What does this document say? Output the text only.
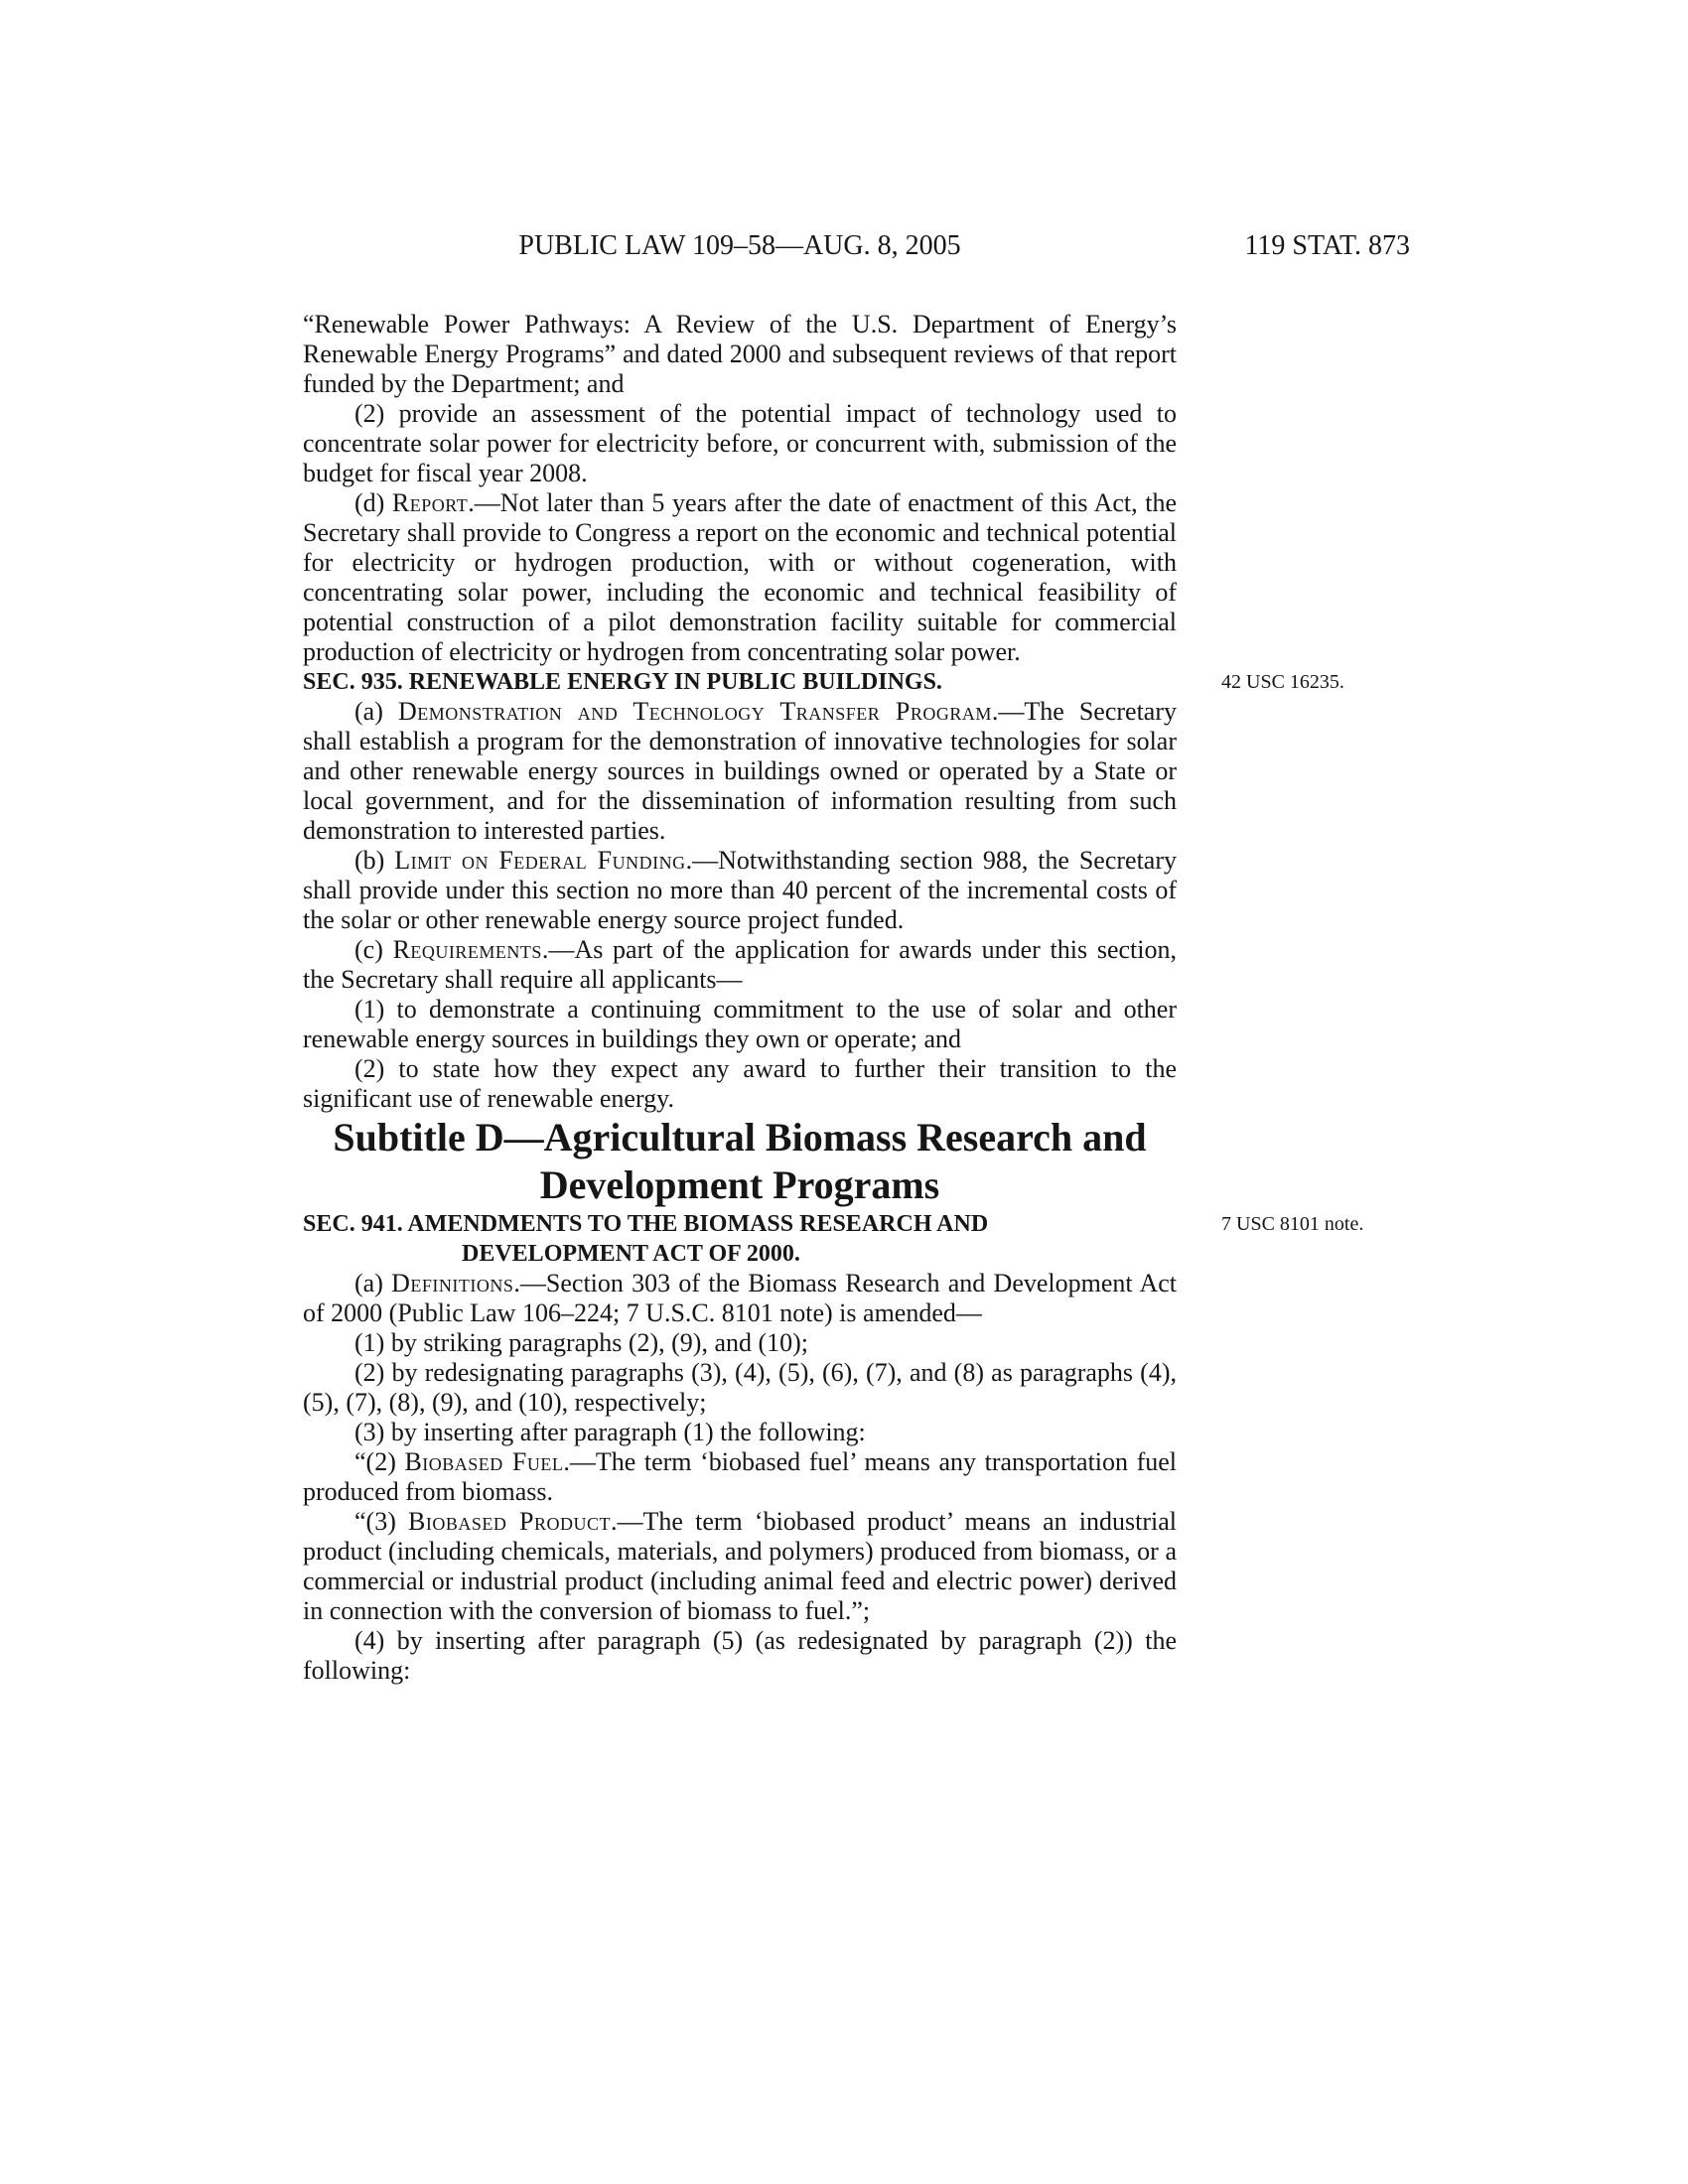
PUBLIC LAW 109–58—AUG. 8, 2005	119 STAT. 873

“Renewable Power Pathways: A Review of the U.S. Department of Energy’s Renewable Energy Programs” and dated 2000 and subsequent reviews of that report funded by the Department; and

(2) provide an assessment of the potential impact of technology used to concentrate solar power for electricity before, or concurrent with, submission of the budget for fiscal year 2008.

(d) Report.—Not later than 5 years after the date of enactment of this Act, the Secretary shall provide to Congress a report on the economic and technical potential for electricity or hydrogen production, with or without cogeneration, with concentrating solar power, including the economic and technical feasibility of potential construction of a pilot demonstration facility suitable for commercial production of electricity or hydrogen from concentrating solar power.

SEC. 935. RENEWABLE ENERGY IN PUBLIC BUILDINGS.	42 USC 16235.

(a) Demonstration and Technology Transfer Program.—The Secretary shall establish a program for the demonstration of innovative technologies for solar and other renewable energy sources in buildings owned or operated by a State or local government, and for the dissemination of information resulting from such demonstration to interested parties.

(b) Limit on Federal Funding.—Notwithstanding section 988, the Secretary shall provide under this section no more than 40 percent of the incremental costs of the solar or other renewable energy source project funded.

(c) Requirements.—As part of the application for awards under this section, the Secretary shall require all applicants—

(1) to demonstrate a continuing commitment to the use of solar and other renewable energy sources in buildings they own or operate; and

(2) to state how they expect any award to further their transition to the significant use of renewable energy.

Subtitle D—Agricultural Biomass Research and Development Programs

SEC. 941. AMENDMENTS TO THE BIOMASS RESEARCH AND DEVELOPMENT ACT OF 2000.

7 USC 8101 note.

(a) Definitions.—Section 303 of the Biomass Research and Development Act of 2000 (Public Law 106–224; 7 U.S.C. 8101 note) is amended—

(1) by striking paragraphs (2), (9), and (10);

(2) by redesignating paragraphs (3), (4), (5), (6), (7), and (8) as paragraphs (4), (5), (7), (8), (9), and (10), respectively;

(3) by inserting after paragraph (1) the following:

“(2) Biobased Fuel.—The term ‘biobased fuel’ means any transportation fuel produced from biomass.

“(3) Biobased Product.—The term ‘biobased product’ means an industrial product (including chemicals, materials, and polymers) produced from biomass, or a commercial or industrial product (including animal feed and electric power) derived in connection with the conversion of biomass to fuel.”;

(4) by inserting after paragraph (5) (as redesignated by paragraph (2)) the following:
